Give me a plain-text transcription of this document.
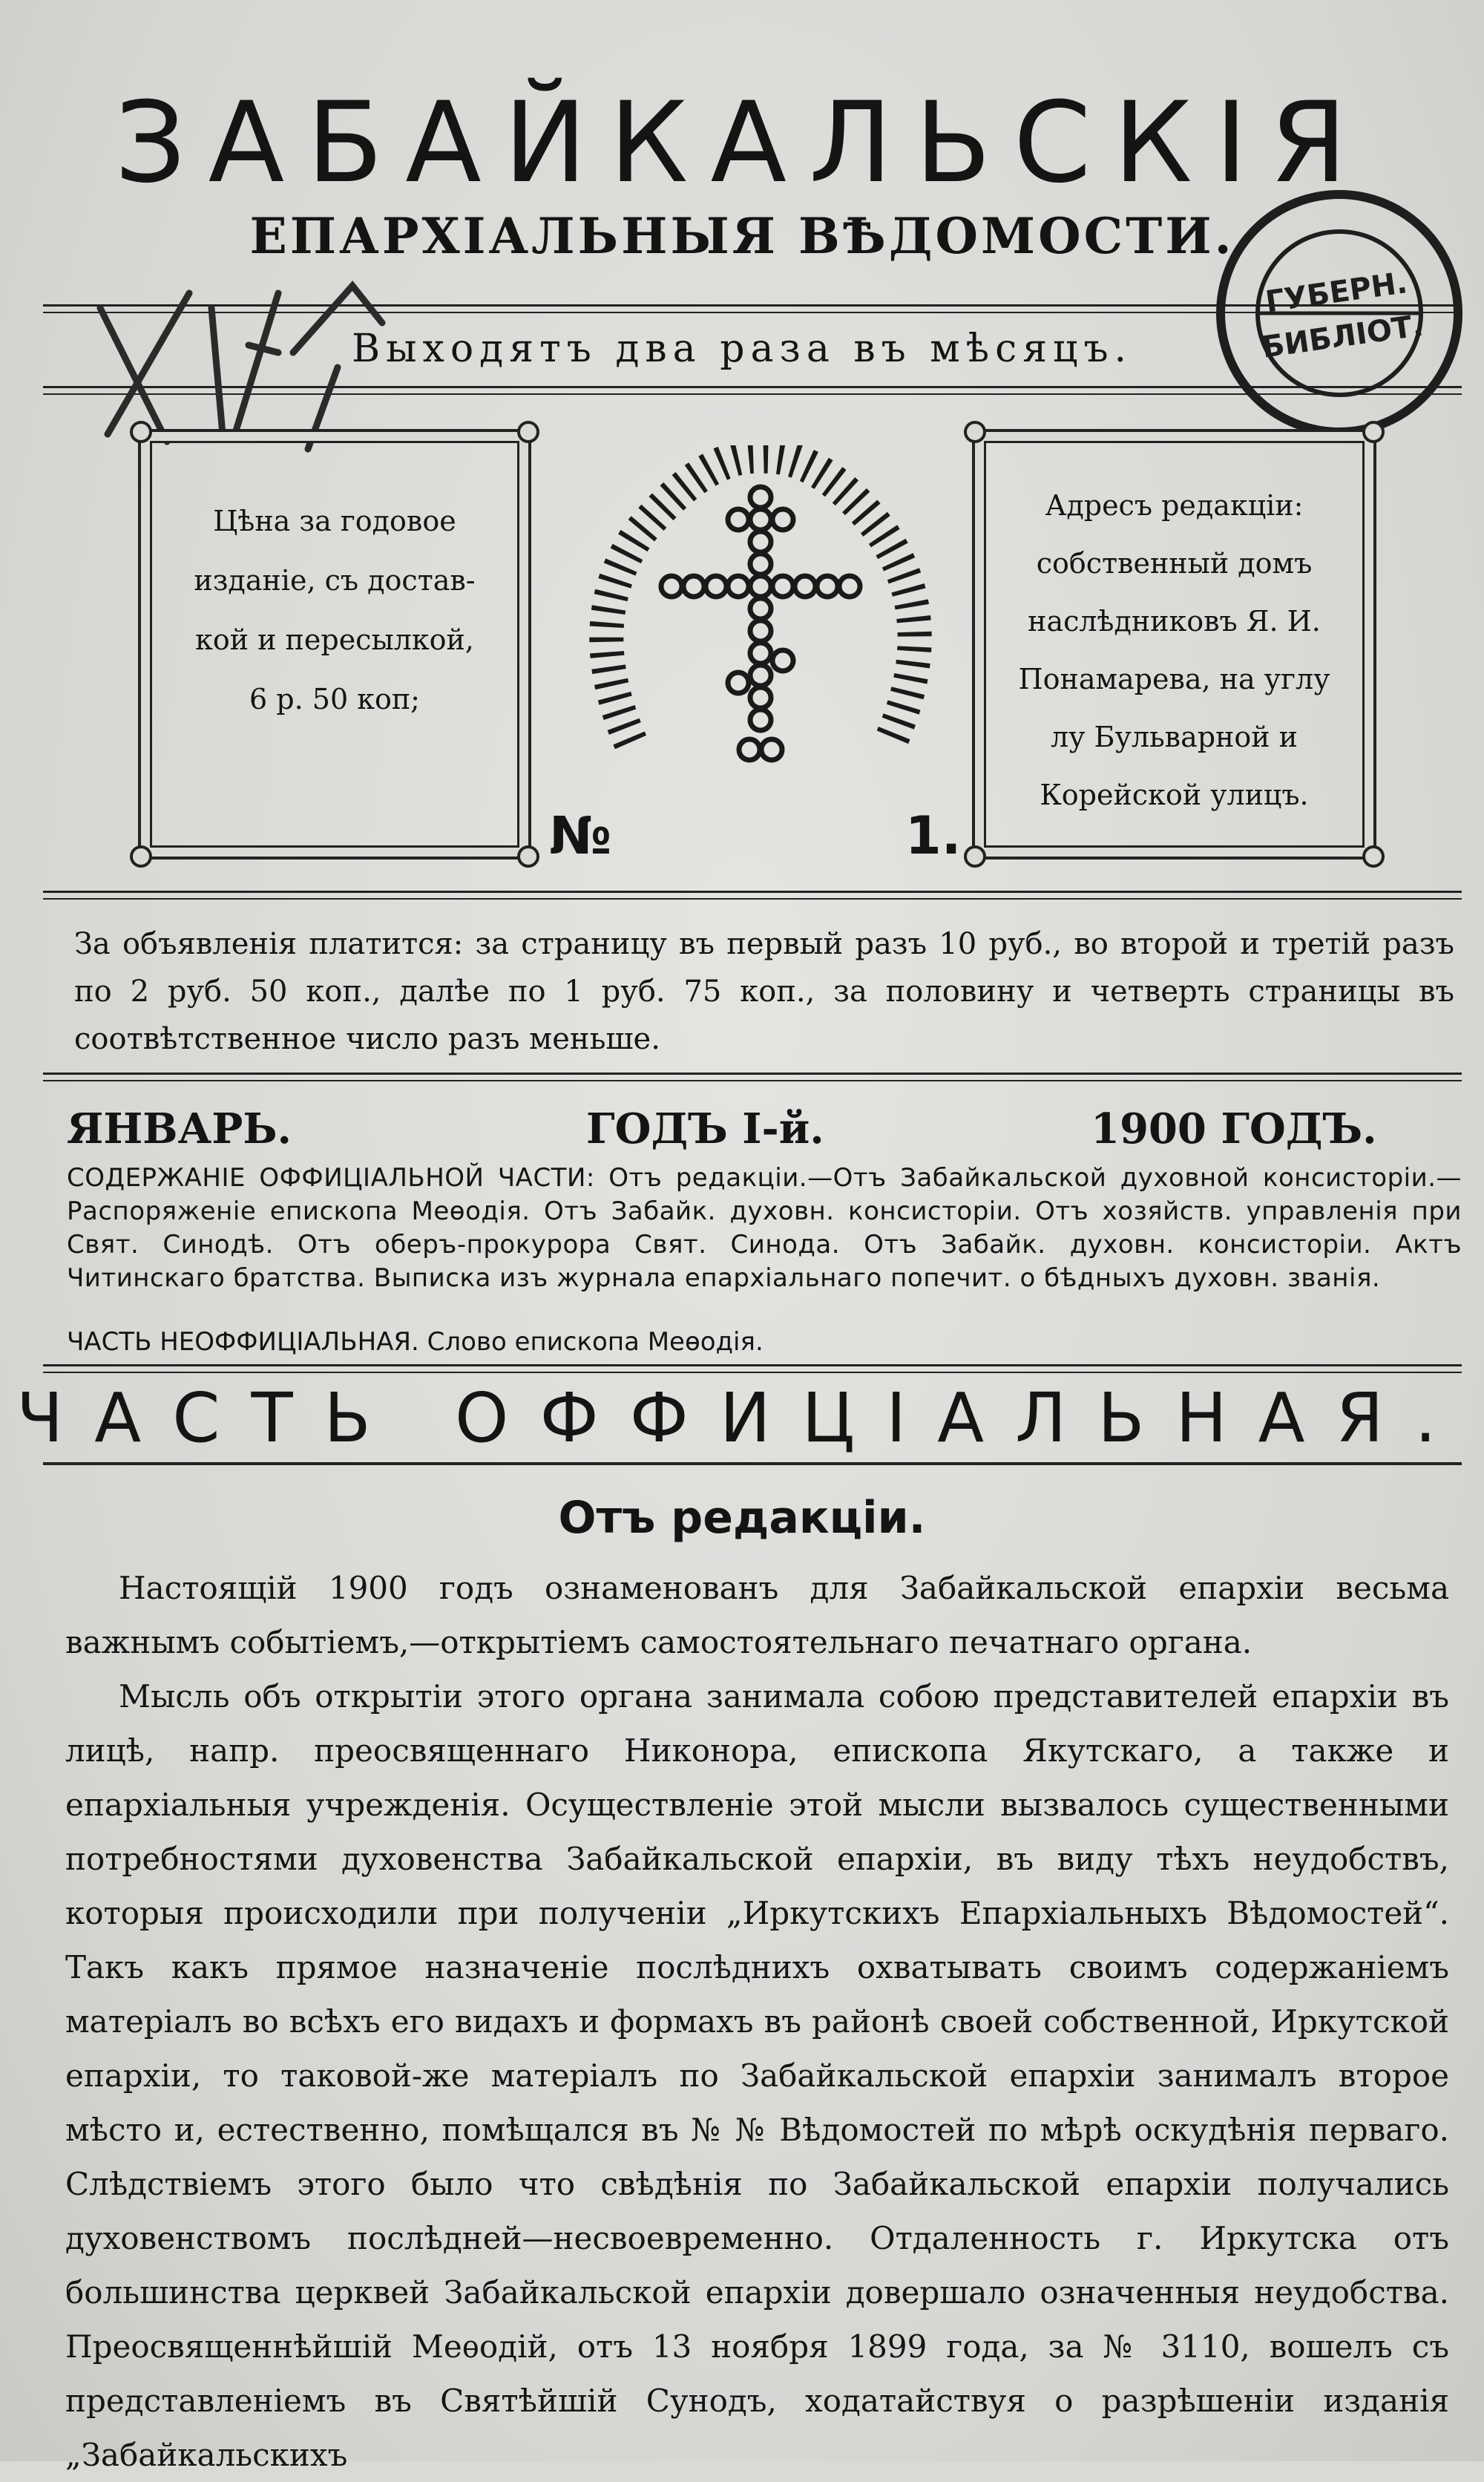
ЗАБАЙКАЛЬСКІЯ
ЕПАРХІАЛЬНЫЯ ВѢДОМОСТИ.
Выходятъ два раза въ мѣсяцъ.
ГУБЕРН.
БИБЛІОТ.
Цѣна за годовое
изданіе, съ достав-
кой и пересылкой,
6 р. 50 коп;
№	1.
Адресъ редакціи:
собственный домъ
наслѣдниковъ Я. И.
Понамарева, на углу
лу Бульварной и
Корейской улицъ.
За объявленія платится: за страницу въ первый разъ 10 руб., во второй и третій разъ по 2 руб. 50 коп., далѣе по 1 руб. 75 коп., за половину и четверть страницы въ соотвѣтственное число разъ меньше.
ЯНВАРЬ.	ГОДЪ I-й.	1900 ГОДЪ.
СОДЕРЖАНІЕ ОФФИЦІАЛЬНОЙ ЧАСТИ: Отъ редакціи.—Отъ Забайкальской духовной консисторіи.—Распоряженіе епископа Меѳодія. Отъ Забайк. духовн. консисторіи. Отъ хозяйств. управленія при Свят. Синодѣ. Отъ оберъ-прокурора Свят. Синода. Отъ Забайк. духовн. консисторіи. Актъ Читинскаго братства. Выписка изъ журнала епархіальнаго попечит. о бѣдныхъ духовн. званія.
ЧАСТЬ НЕОФФИЦІАЛЬНАЯ. Слово епископа Меѳодія.
ЧАСТЬ ОФФИЦІАЛЬНАЯ.
Отъ редакціи.

Настоящій 1900 годъ ознаменованъ для Забайкальской епархіи весьма важнымъ событіемъ,—открытіемъ самостоятельнаго печатнаго органа.

Мысль объ открытіи этого органа занимала собою представителей епархіи въ лицѣ, напр. преосвященнаго Никонора, епископа Якутскаго, а также и епархіальныя учрежденія. Осуществленіе этой мысли вызвалось существенными потребностями духовенства Забайкальской епархіи, въ виду тѣхъ неудобствъ, которыя происходили при полученіи „Иркутскихъ Епархіальныхъ Вѣдомостей“. Такъ какъ прямое назначеніе послѣднихъ охватывать своимъ содержаніемъ матеріалъ во всѣхъ его видахъ и формахъ въ районѣ своей собственной, Иркутской епархіи, то таковой-же матеріалъ по Забайкальской епархіи занималъ второе мѣсто и, естественно, помѣщался въ № № Вѣдомостей по мѣрѣ оскудѣнія перваго. Слѣдствіемъ этого было что свѣдѣнія по Забайкальской епархіи получались духовенствомъ послѣдней—несвоевременно. Отдаленность г. Иркутска отъ большинства церквей Забайкальской епархіи довершало означенныя неудобства. Преосвященнѣйшій Меѳодій, отъ 13 ноября 1899 года, за № 3110, вошелъ съ представленіемъ въ Святѣйшій Сунодъ, ходатайствуя о разрѣшеніи изданія „Забайкальскихъ
